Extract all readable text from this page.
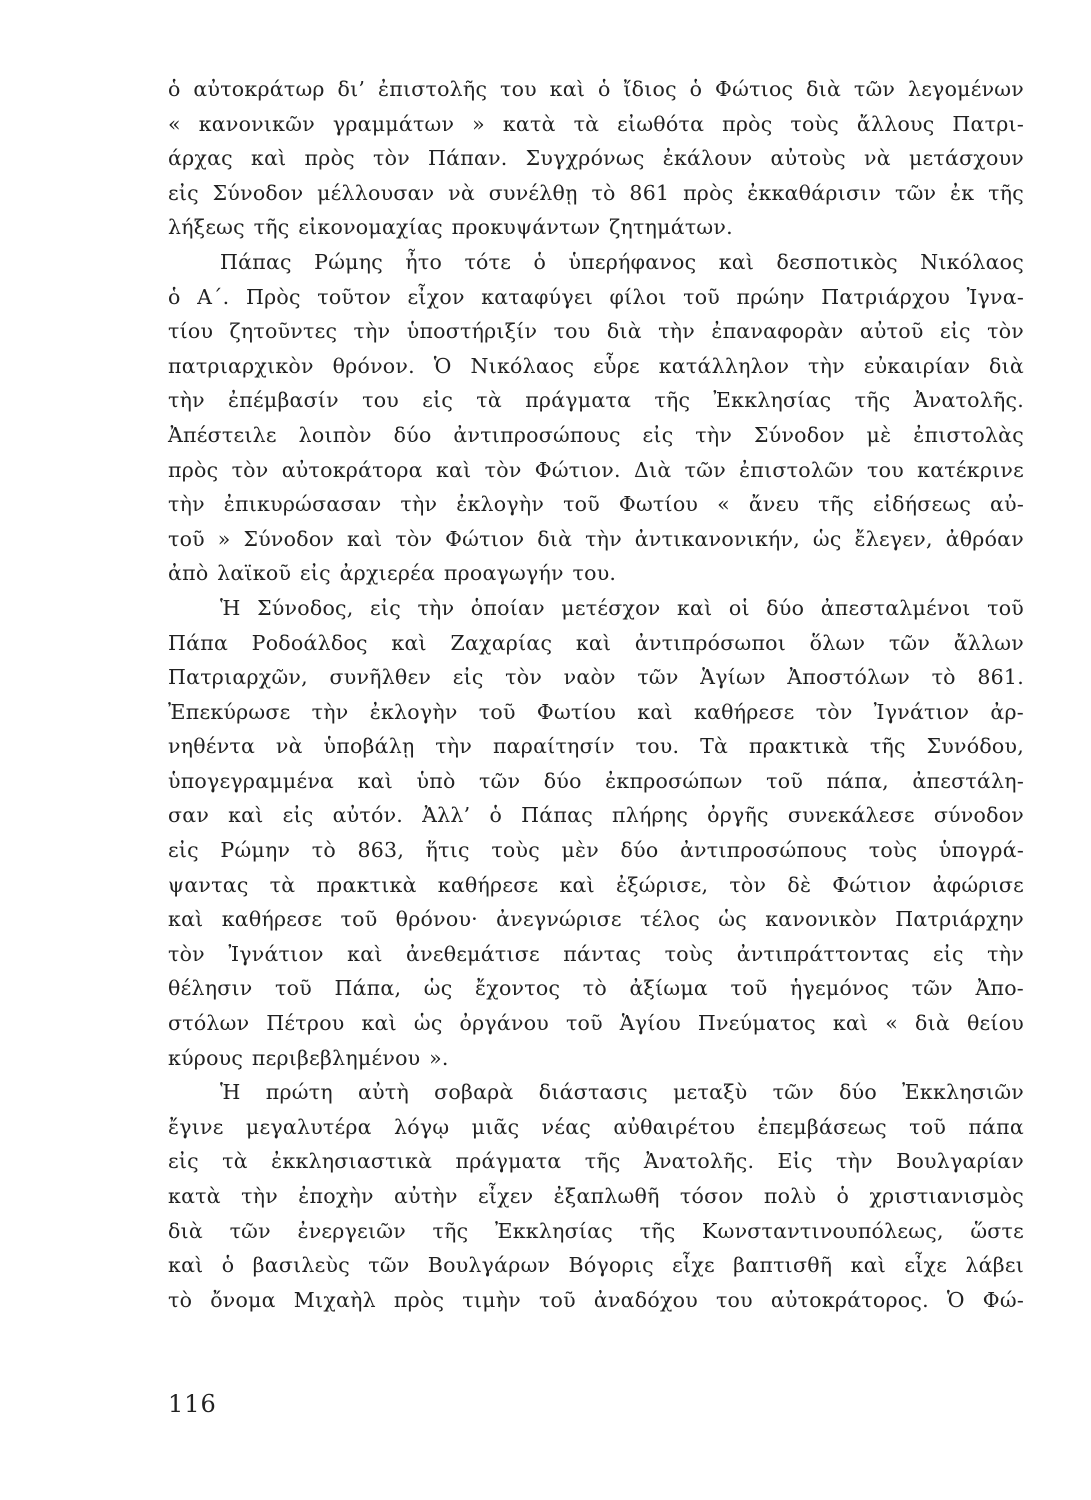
ὁ αὐτοκράτωρ δι’ ἐπιστολῆς του καὶ ὁ ἴδιος ὁ Φώτιος διὰ τῶν λεγομένων
« κανονικῶν γραμμάτων » κατὰ τὰ εἰωθότα πρὸς τοὺς ἄλλους Πατρι-
άρχας καὶ πρὸς τὸν Πάπαν. Συγχρόνως ἐκάλουν αὐτοὺς νὰ μετάσχουν
εἰς Σύνοδον μέλλουσαν νὰ συνέλθῃ τὸ 861 πρὸς ἐκκαθάρισιν τῶν ἐκ τῆς
λήξεως τῆς εἰκονομαχίας προκυψάντων ζητημάτων.
Πάπας Ρώμης ἦτο τότε ὁ ὑπερήφανος καὶ δεσποτικὸς Νικόλαος
ὁ Α΄. Πρὸς τοῦτον εἶχον καταφύγει φίλοι τοῦ πρώην Πατριάρχου Ἰγνα-
τίου ζητοῦντες τὴν ὑποστήριξίν του διὰ τὴν ἐπαναφορὰν αὐτοῦ εἰς τὸν
πατριαρχικὸν θρόνον. Ὁ Νικόλαος εὗρε κατάλληλον τὴν εὐκαιρίαν διὰ
τὴν ἐπέμβασίν του εἰς τὰ πράγματα τῆς Ἐκκλησίας τῆς Ἀνατολῆς.
Ἀπέστειλε λοιπὸν δύο ἀντιπροσώπους εἰς τὴν Σύνοδον μὲ ἐπιστολὰς
πρὸς τὸν αὐτοκράτορα καὶ τὸν Φώτιον. Διὰ τῶν ἐπιστολῶν του κατέκρινε
τὴν ἐπικυρώσασαν τὴν ἐκλογὴν τοῦ Φωτίου « ἄνευ τῆς εἰδήσεως αὐ-
τοῦ » Σύνοδον καὶ τὸν Φώτιον διὰ τὴν ἀντικανονικήν, ὡς ἔλεγεν, ἀθρόαν
ἀπὸ λαϊκοῦ εἰς ἀρχιερέα προαγωγήν του.
Ἡ Σύνοδος, εἰς τὴν ὁποίαν μετέσχον καὶ οἱ δύο ἀπεσταλμένοι τοῦ
Πάπα Ροδοάλδος καὶ Ζαχαρίας καὶ ἀντιπρόσωποι ὅλων τῶν ἄλλων
Πατριαρχῶν, συνῆλθεν εἰς τὸν ναὸν τῶν Ἁγίων Ἀποστόλων τὸ 861.
Ἐπεκύρωσε τὴν ἐκλογὴν τοῦ Φωτίου καὶ καθήρεσε τὸν Ἰγνάτιον ἀρ-
νηθέντα νὰ ὑποβάλῃ τὴν παραίτησίν του. Τὰ πρακτικὰ τῆς Συνόδου,
ὑπογεγραμμένα καὶ ὑπὸ τῶν δύο ἐκπροσώπων τοῦ πάπα, ἀπεστάλη-
σαν καὶ εἰς αὐτόν. Ἀλλ’ ὁ Πάπας πλήρης ὀργῆς συνεκάλεσε σύνοδον
εἰς Ρώμην τὸ 863, ἥτις τοὺς μὲν δύο ἀντιπροσώπους τοὺς ὑπογρά-
ψαντας τὰ πρακτικὰ καθήρεσε καὶ ἐξώρισε, τὸν δὲ Φώτιον ἀφώρισε
καὶ καθήρεσε τοῦ θρόνου· ἀνεγνώρισε τέλος ὡς κανονικὸν Πατριάρχην
τὸν Ἰγνάτιον καὶ ἀνεθεμάτισε πάντας τοὺς ἀντιπράττοντας εἰς τὴν
θέλησιν τοῦ Πάπα, ὡς ἔχοντος τὸ ἀξίωμα τοῦ ἡγεμόνος τῶν Ἀπο-
στόλων Πέτρου καὶ ὡς ὀργάνου τοῦ Ἁγίου Πνεύματος καὶ « διὰ θείου
κύρους περιβεβλημένου ».
Ἡ πρώτη αὐτὴ σοβαρὰ διάστασις μεταξὺ τῶν δύο Ἐκκλησιῶν
ἔγινε μεγαλυτέρα λόγῳ μιᾶς νέας αὐθαιρέτου ἐπεμβάσεως τοῦ πάπα
εἰς τὰ ἐκκλησιαστικὰ πράγματα τῆς Ἀνατολῆς. Εἰς τὴν Βουλγαρίαν
κατὰ τὴν ἐποχὴν αὐτὴν εἶχεν ἐξαπλωθῆ τόσον πολὺ ὁ χριστιανισμὸς
διὰ τῶν ἐνεργειῶν τῆς Ἐκκλησίας τῆς Κωνσταντινουπόλεως, ὥστε
καὶ ὁ βασιλεὺς τῶν Βουλγάρων Βόγορις εἶχε βαπτισθῆ καὶ εἶχε λάβει
τὸ ὄνομα Μιχαὴλ πρὸς τιμὴν τοῦ ἀναδόχου του αὐτοκράτορος. Ὁ Φώ-
116
